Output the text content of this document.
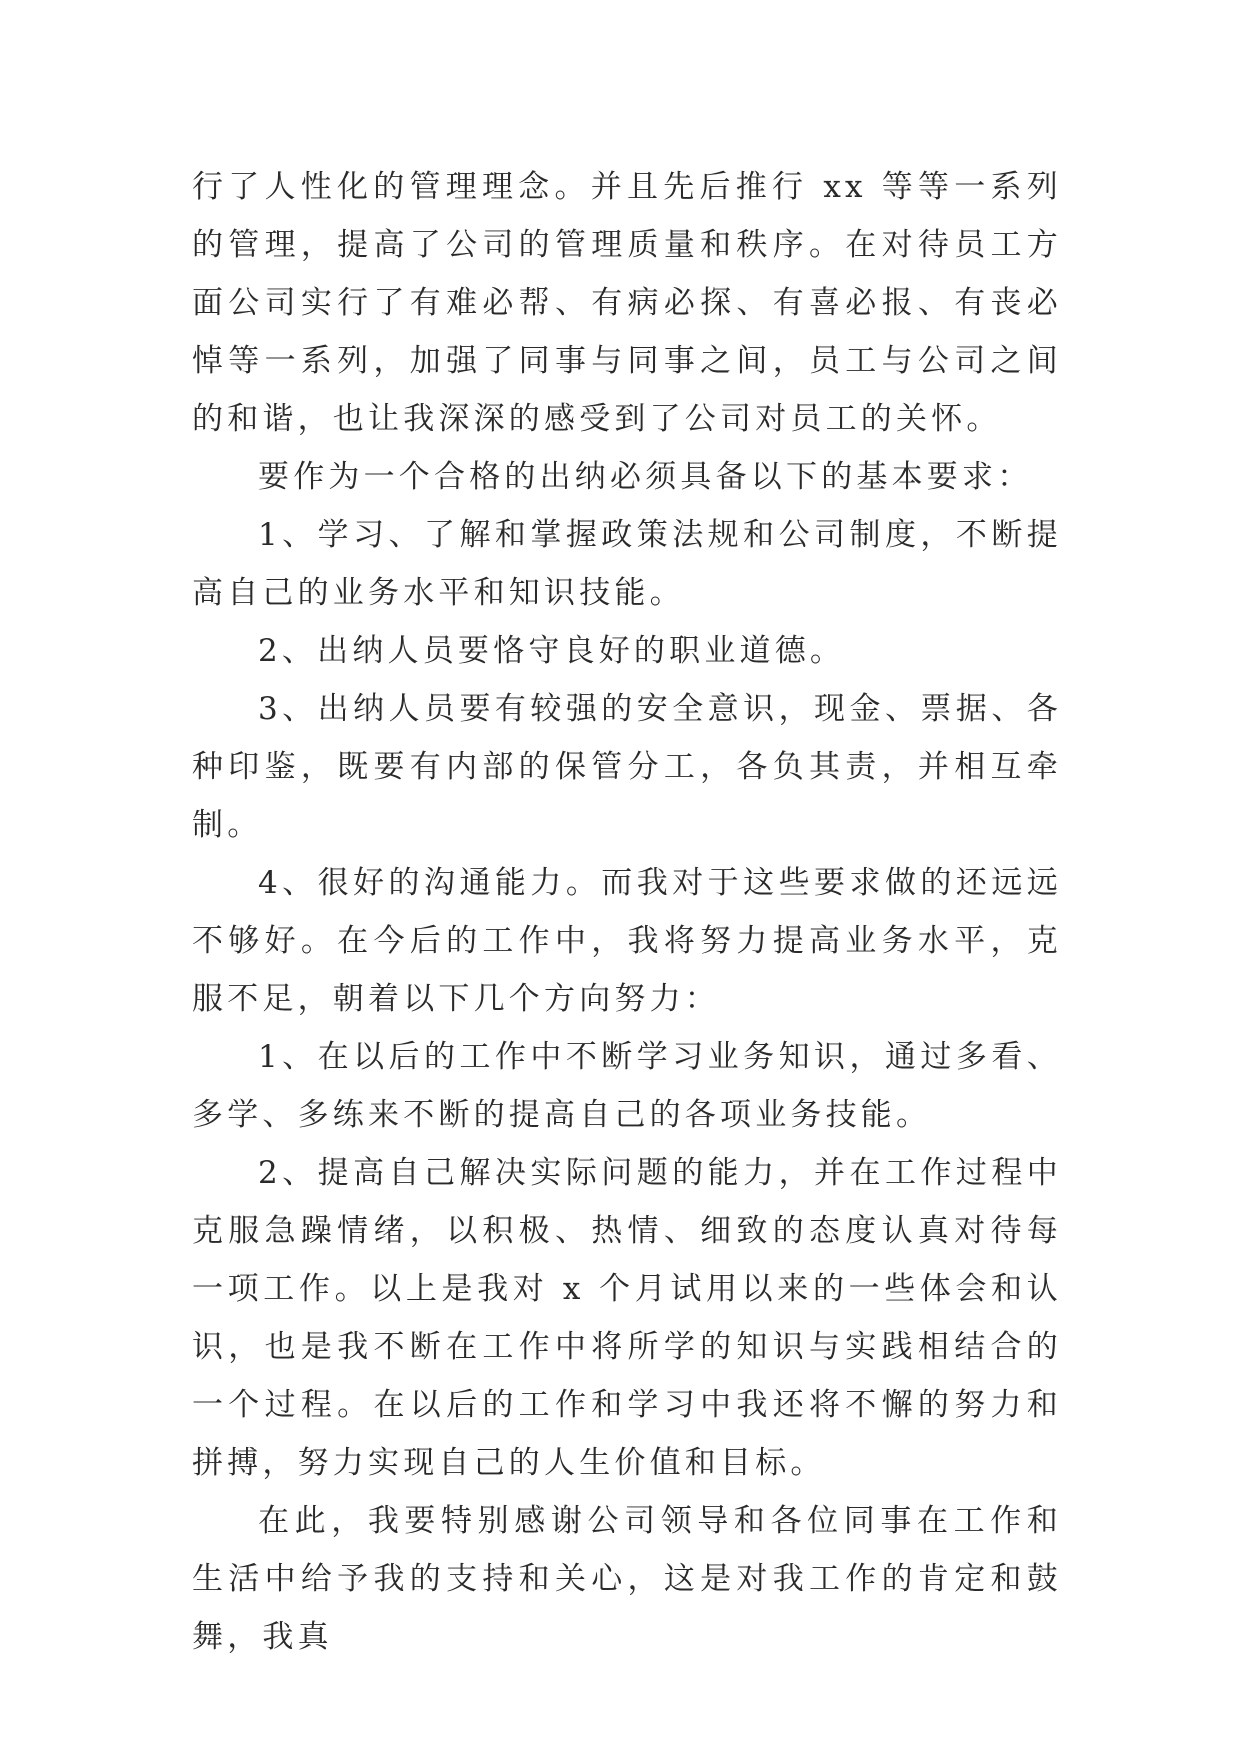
行了人性化的管理理念。并且先后推行 xx 等等一系列的管理，提高了公司的管理质量和秩序。在对待员工方面公司实行了有难必帮、有病必探、有喜必报、有丧必悼等一系列，加强了同事与同事之间，员工与公司之间的和谐，也让我深深的感受到了公司对员工的关怀。

要作为一个合格的出纳必须具备以下的基本要求：

1、学习、了解和掌握政策法规和公司制度，不断提高自己的业务水平和知识技能。

2、出纳人员要恪守良好的职业道德。

3、出纳人员要有较强的安全意识，现金、票据、各种印鉴，既要有内部的保管分工，各负其责，并相互牵制。

4、很好的沟通能力。而我对于这些要求做的还远远不够好。在今后的工作中，我将努力提高业务水平，克服不足，朝着以下几个方向努力：

1、在以后的工作中不断学习业务知识，通过多看、多学、多练来不断的提高自己的各项业务技能。

2、提高自己解决实际问题的能力，并在工作过程中克服急躁情绪，以积极、热情、细致的态度认真对待每一项工作。以上是我对 x 个月试用以来的一些体会和认识，也是我不断在工作中将所学的知识与实践相结合的一个过程。在以后的工作和学习中我还将不懈的努力和拼搏，努力实现自己的人生价值和目标。

在此，我要特别感谢公司领导和各位同事在工作和生活中给予我的支持和关心，这是对我工作的肯定和鼓舞，我真
